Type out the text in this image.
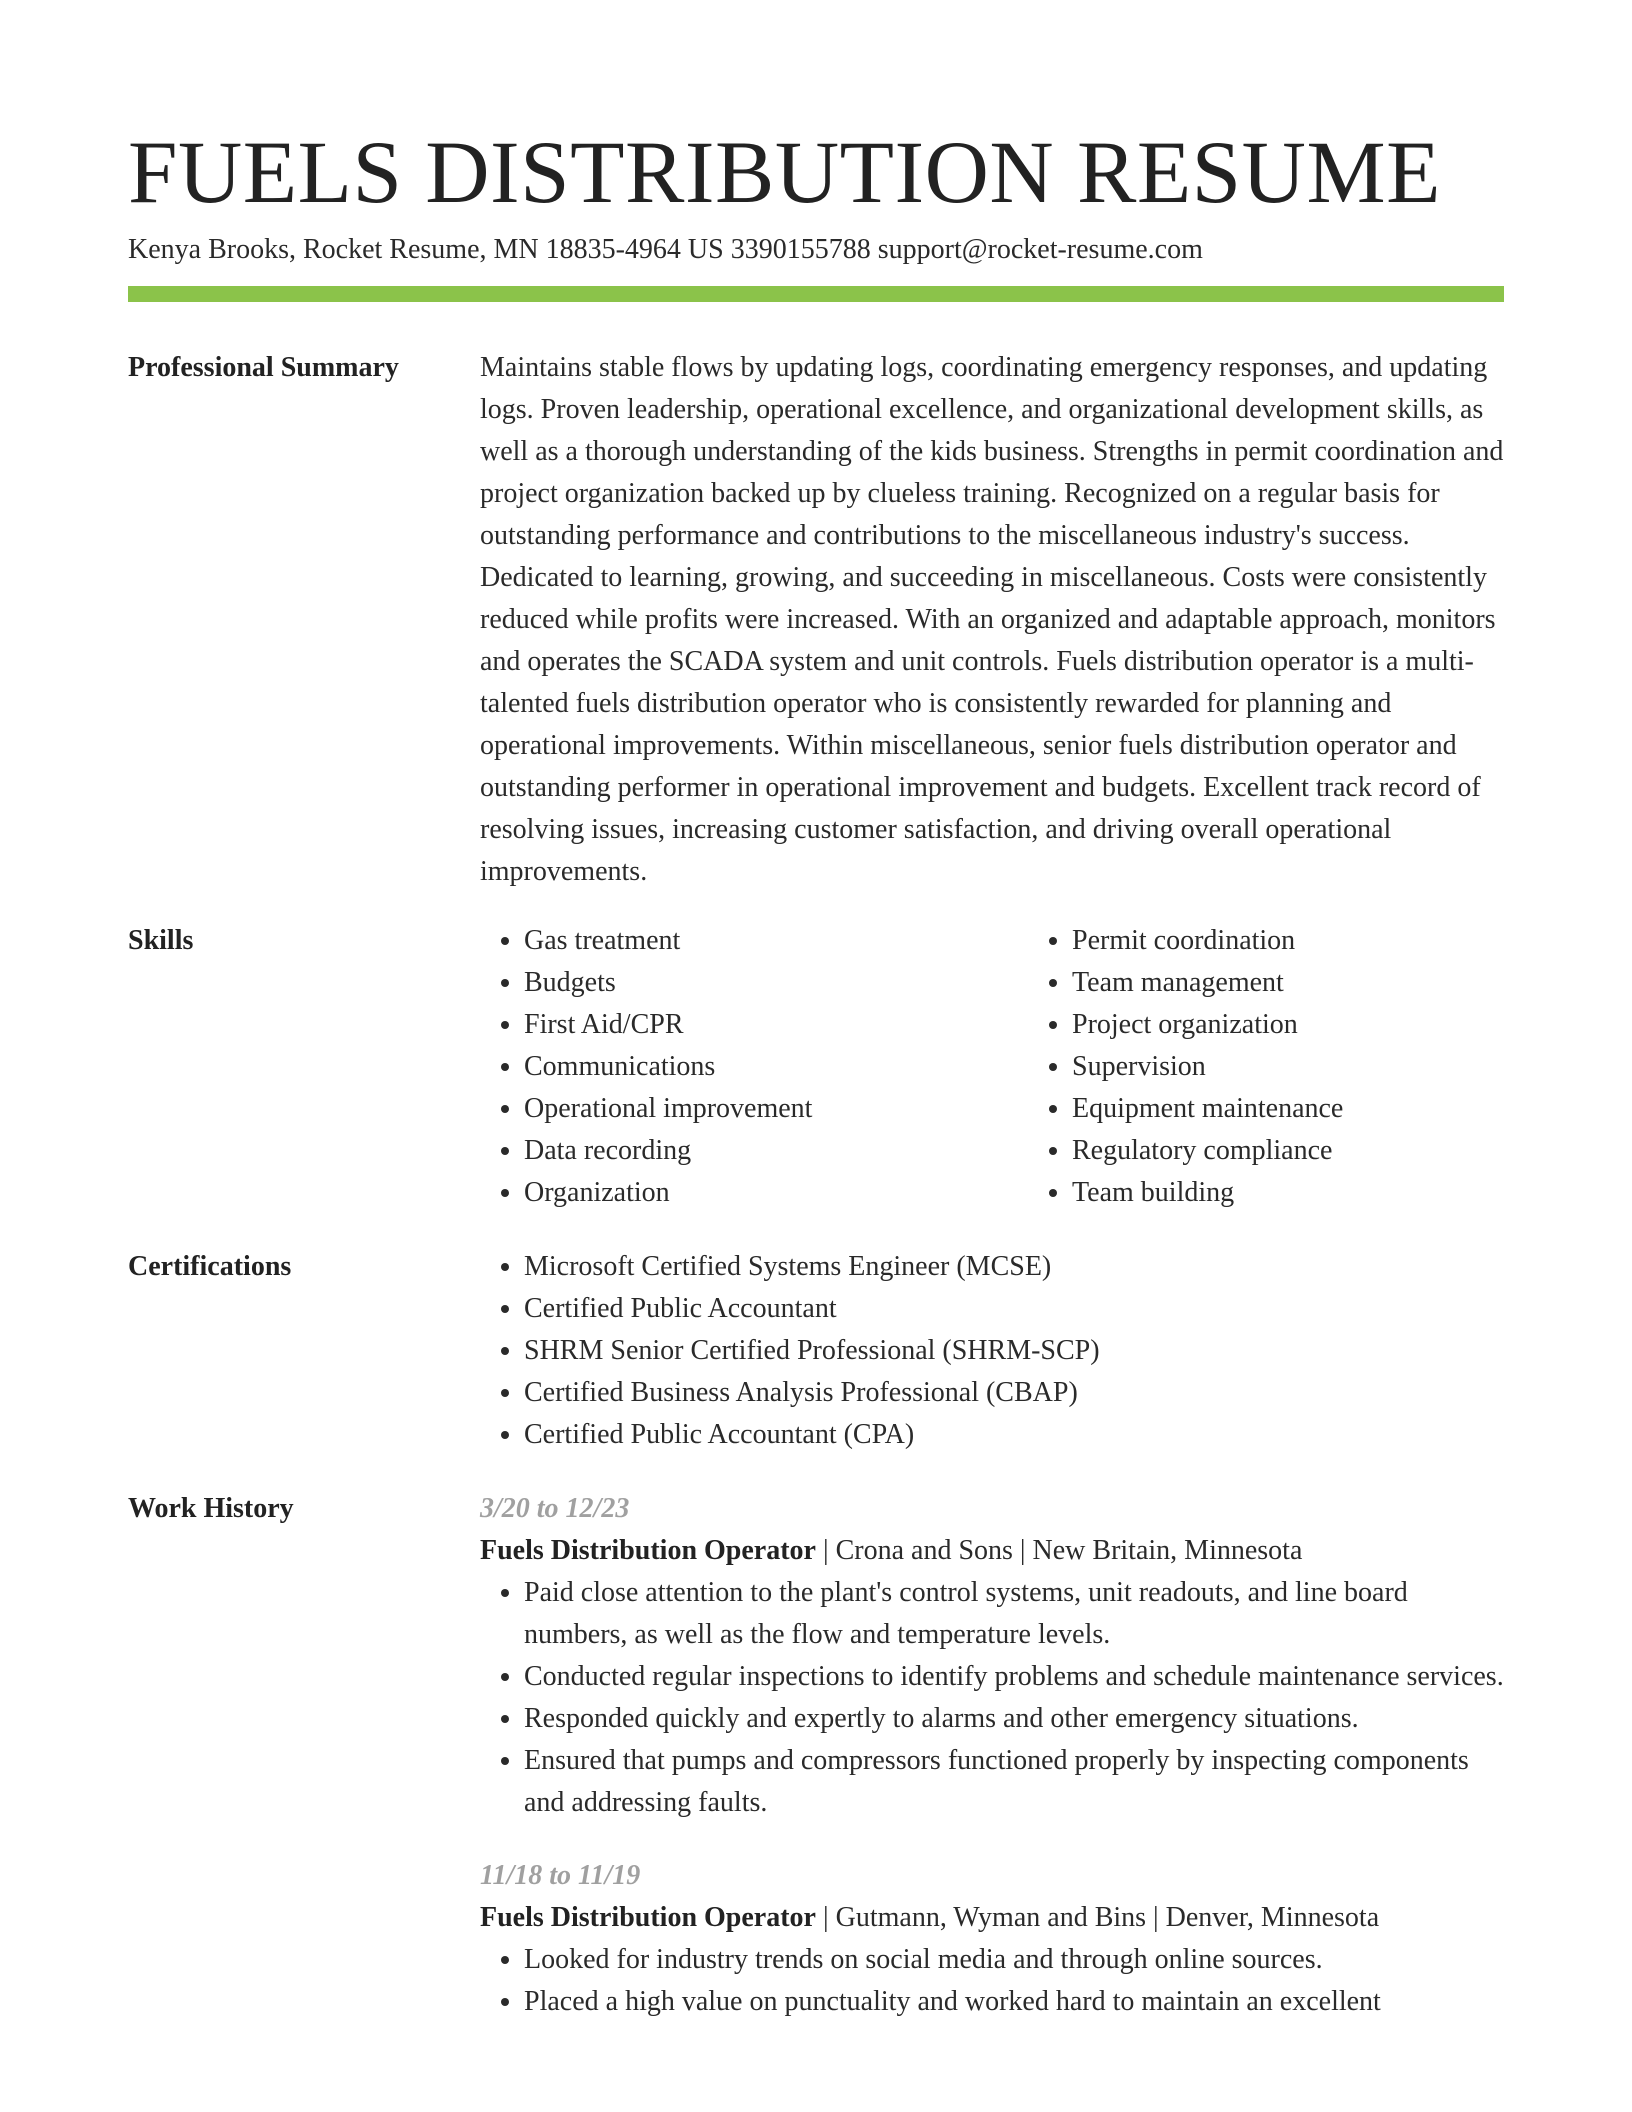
FUELS DISTRIBUTION RESUME

Kenya Brooks, Rocket Resume, MN 18835-4964 US 3390155788 support@rocket-resume.com

Professional Summary	Maintains stable flows by updating logs, coordinating emergency responses, and updating logs. Proven leadership, operational excellence, and organizational development skills, as well as a thorough understanding of the kids business. Strengths in permit coordination and project organization backed up by clueless training. Recognized on a regular basis for outstanding performance and contributions to the miscellaneous industry's success. Dedicated to learning, growing, and succeeding in miscellaneous. Costs were consistently reduced while profits were increased. With an organized and adaptable approach, monitors and operates the SCADA system and unit controls. Fuels distribution operator is a multi-talented fuels distribution operator who is consistently rewarded for planning and operational improvements. Within miscellaneous, senior fuels distribution operator and outstanding performer in operational improvement and budgets. Excellent track record of resolving issues, increasing customer satisfaction, and driving overall operational improvements.

Skills	• Gas treatment
• Budgets
• First Aid/CPR
• Communications
• Operational improvement
• Data recording
• Organization
• Permit coordination
• Team management
• Project organization
• Supervision
• Equipment maintenance
• Regulatory compliance
• Team building
Certifications	• Microsoft Certified Systems Engineer (MCSE)
• Certified Public Accountant
• SHRM Senior Certified Professional (SHRM-SCP)
• Certified Business Analysis Professional (CBAP)
• Certified Public Accountant (CPA)
Work History	3/20 to 12/23
Fuels Distribution Operator | Crona and Sons | New Britain, Minnesota
• Paid close attention to the plant's control systems, unit readouts, and line board numbers, as well as the flow and temperature levels.
• Conducted regular inspections to identify problems and schedule maintenance services.
• Responded quickly and expertly to alarms and other emergency situations.
• Ensured that pumps and compressors functioned properly by inspecting components and addressing faults.
11/18 to 11/19
Fuels Distribution Operator | Gutmann, Wyman and Bins | Denver, Minnesota
• Looked for industry trends on social media and through online sources.
• Placed a high value on punctuality and worked hard to maintain an excellent
